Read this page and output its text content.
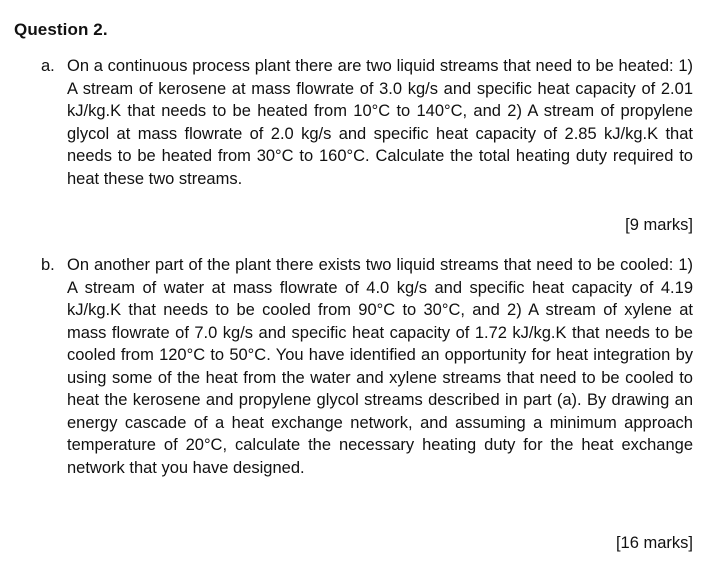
Question 2.
a. On a continuous process plant there are two liquid streams that need to be heated: 1) A stream of kerosene at mass flowrate of 3.0 kg/s and specific heat capacity of 2.01 kJ/kg.K that needs to be heated from 10°C to 140°C, and 2) A stream of propylene glycol at mass flowrate of 2.0 kg/s and specific heat capacity of 2.85 kJ/kg.K that needs to be heated from 30°C to 160°C. Calculate the total heating duty required to heat these two streams.
[9 marks]
b. On another part of the plant there exists two liquid streams that need to be cooled: 1) A stream of water at mass flowrate of 4.0 kg/s and specific heat capacity of 4.19 kJ/kg.K that needs to be cooled from 90°C to 30°C, and 2) A stream of xylene at mass flowrate of 7.0 kg/s and specific heat capacity of 1.72 kJ/kg.K that needs to be cooled from 120°C to 50°C. You have identified an opportunity for heat integration by using some of the heat from the water and xylene streams that need to be cooled to heat the kerosene and propylene glycol streams described in part (a). By drawing an energy cascade of a heat exchange network, and assuming a minimum approach temperature of 20°C, calculate the necessary heating duty for the heat exchange network that you have designed.
[16 marks]
